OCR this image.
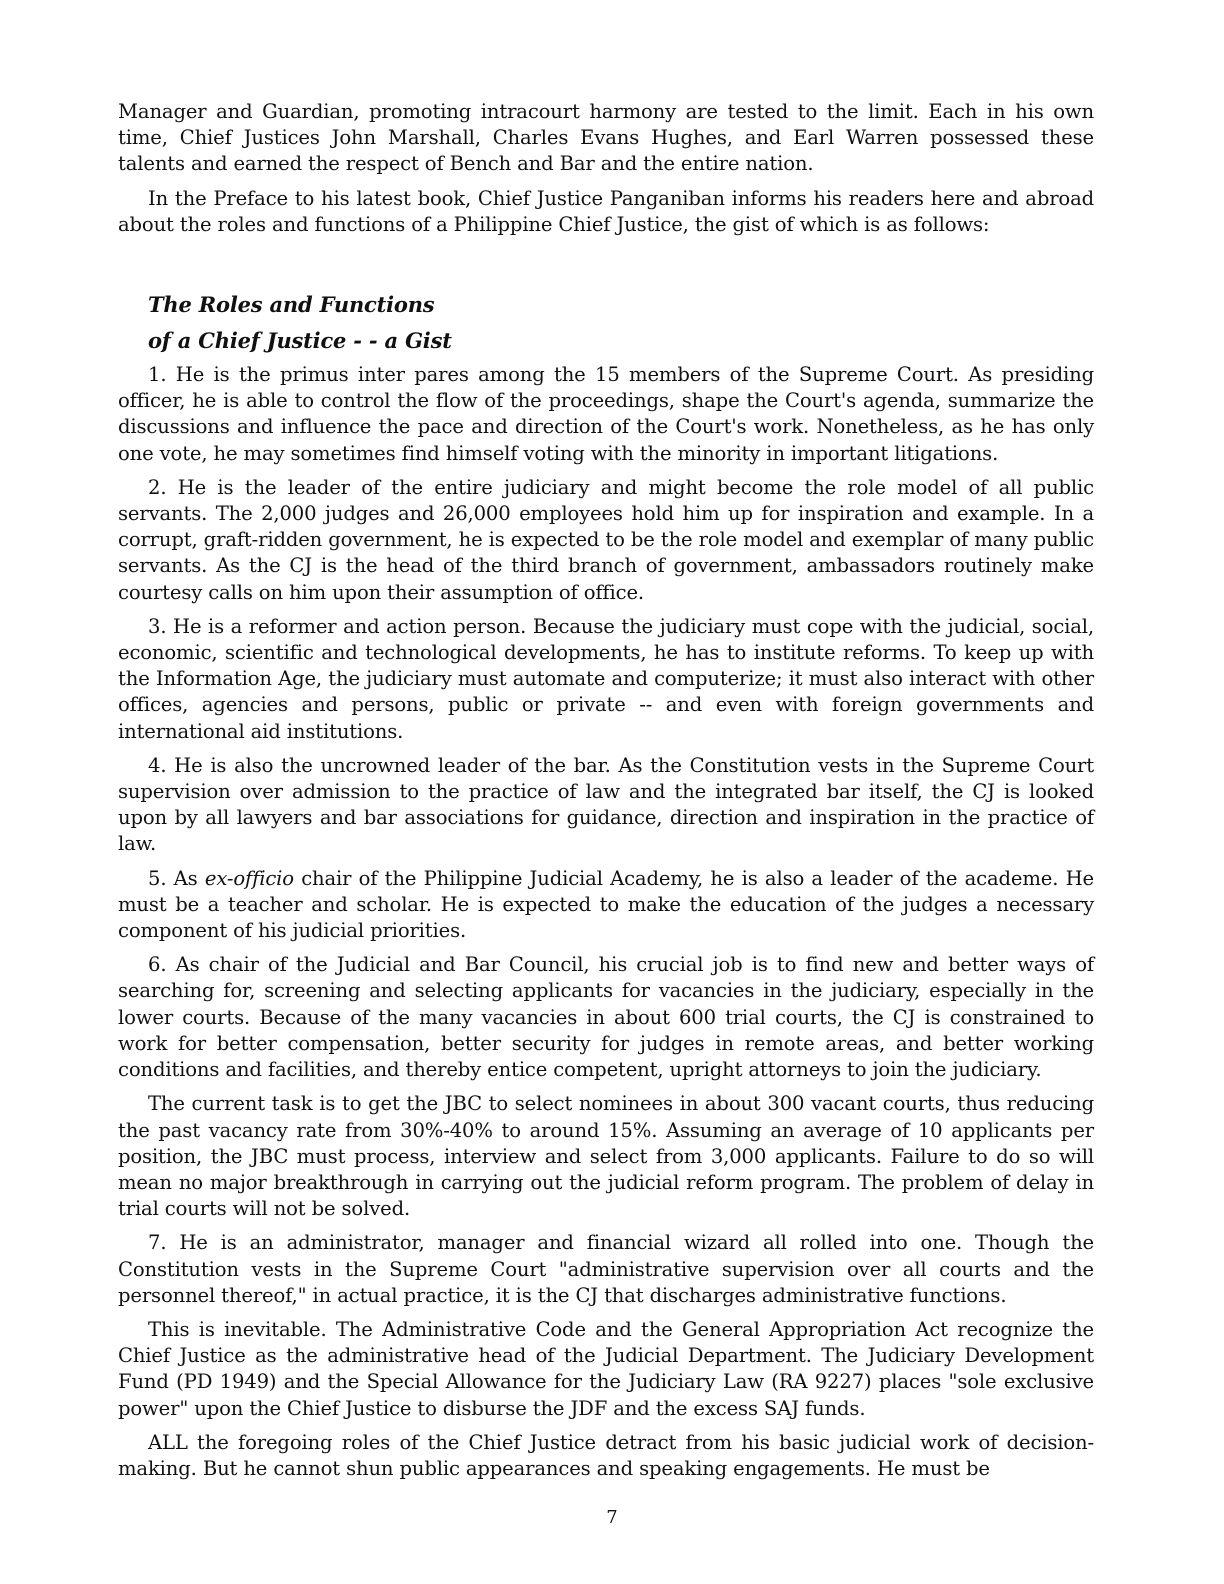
Manager and Guardian, promoting intracourt harmony are tested to the limit. Each in his own time, Chief Justices John Marshall, Charles Evans Hughes, and Earl Warren possessed these talents and earned the respect of Bench and Bar and the entire nation.

In the Preface to his latest book, Chief Justice Panganiban informs his readers here and abroad about the roles and functions of a Philippine Chief Justice, the gist of which is as follows:

The Roles and Functions
of a Chief Justice - - a Gist

1. He is the primus inter pares among the 15 members of the Supreme Court. As presiding officer, he is able to control the flow of the proceedings, shape the Court's agenda, summarize the discussions and influence the pace and direction of the Court's work. Nonetheless, as he has only one vote, he may sometimes find himself voting with the minority in important litigations.

2. He is the leader of the entire judiciary and might become the role model of all public servants. The 2,000 judges and 26,000 employees hold him up for inspiration and example. In a corrupt, graft-ridden government, he is expected to be the role model and exemplar of many public servants. As the CJ is the head of the third branch of government, ambassadors routinely make courtesy calls on him upon their assumption of office.

3. He is a reformer and action person. Because the judiciary must cope with the judicial, social, economic, scientific and technological developments, he has to institute reforms. To keep up with the Information Age, the judiciary must automate and computerize; it must also interact with other offices, agencies and persons, public or private -- and even with foreign governments and international aid institutions.

4. He is also the uncrowned leader of the bar. As the Constitution vests in the Supreme Court supervision over admission to the practice of law and the integrated bar itself, the CJ is looked upon by all lawyers and bar associations for guidance, direction and inspiration in the practice of law.

5. As ex-officio chair of the Philippine Judicial Academy, he is also a leader of the academe. He must be a teacher and scholar. He is expected to make the education of the judges a necessary component of his judicial priorities.

6. As chair of the Judicial and Bar Council, his crucial job is to find new and better ways of searching for, screening and selecting applicants for vacancies in the judiciary, especially in the lower courts. Because of the many vacancies in about 600 trial courts, the CJ is constrained to work for better compensation, better security for judges in remote areas, and better working conditions and facilities, and thereby entice competent, upright attorneys to join the judiciary.

The current task is to get the JBC to select nominees in about 300 vacant courts, thus reducing the past vacancy rate from 30%-40% to around 15%. Assuming an average of 10 applicants per position, the JBC must process, interview and select from 3,000 applicants. Failure to do so will mean no major breakthrough in carrying out the judicial reform program. The problem of delay in trial courts will not be solved.

7. He is an administrator, manager and financial wizard all rolled into one. Though the Constitution vests in the Supreme Court "administrative supervision over all courts and the personnel thereof," in actual practice, it is the CJ that discharges administrative functions.

This is inevitable. The Administrative Code and the General Appropriation Act recognize the Chief Justice as the administrative head of the Judicial Department. The Judiciary Development Fund (PD 1949) and the Special Allowance for the Judiciary Law (RA 9227) places "sole exclusive power" upon the Chief Justice to disburse the JDF and the excess SAJ funds.

ALL the foregoing roles of the Chief Justice detract from his basic judicial work of decision-making. But he cannot shun public appearances and speaking engagements. He must be

7
